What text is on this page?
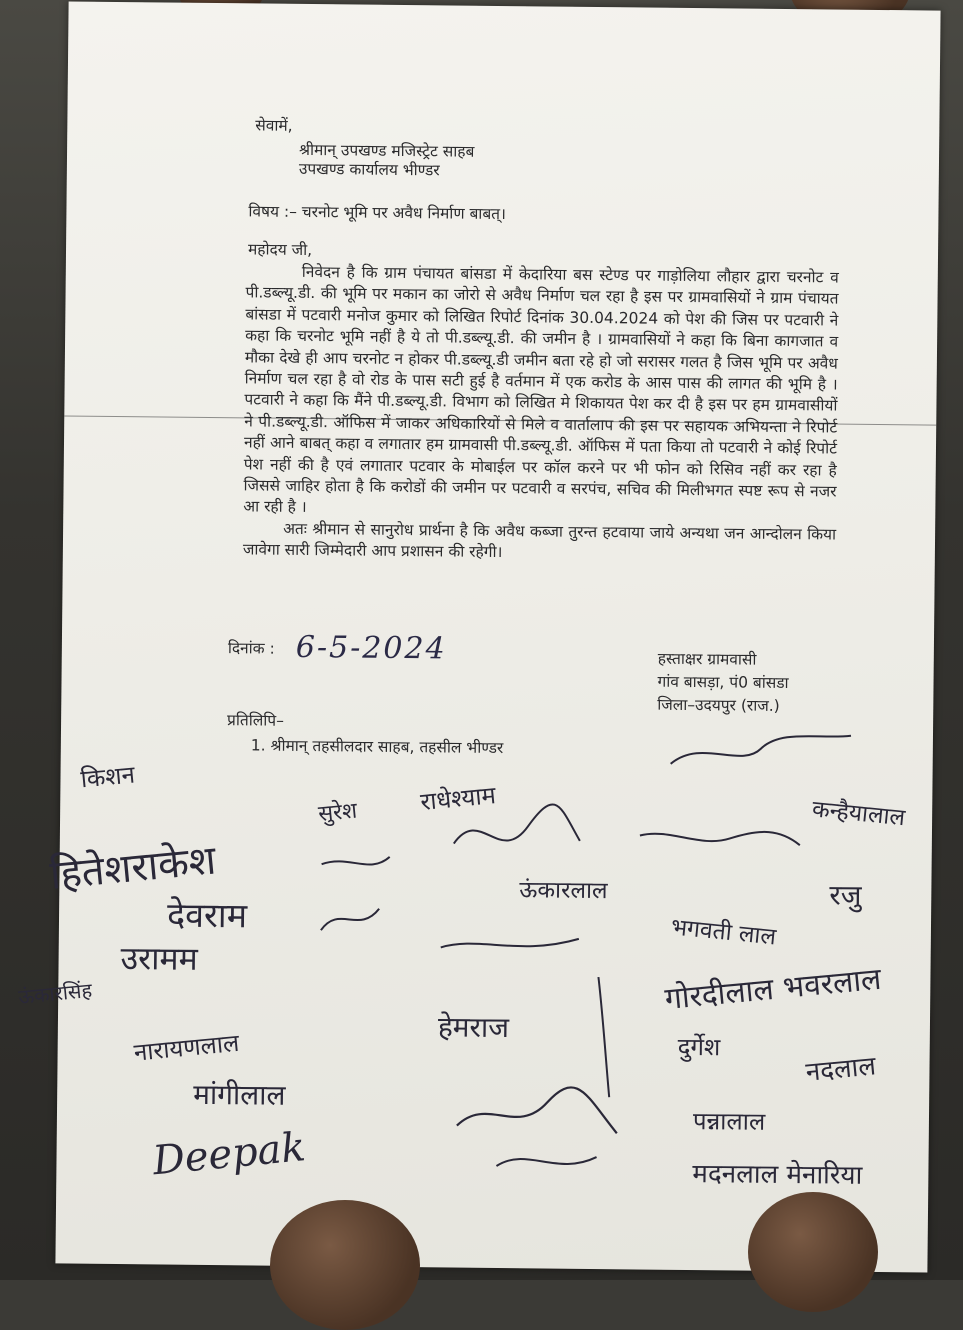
सेवामें,
श्रीमान् उपखण्ड मजिस्ट्रेट साहब
उपखण्ड कार्यालय भीण्डर
विषय :– चरनोट भूमि पर अवैध निर्माण बाबत्।
महोदय जी,

निवेदन है कि ग्राम पंचायत बांसडा में केदारिया बस स्टेण्ड पर गाड़ोलिया लौहार द्वारा चरनोट व पी.डब्ल्यू.डी. की भूमि पर मकान का जोरो से अवैध निर्माण चल रहा है इस पर ग्रामवासियों ने ग्राम पंचायत बांसडा में पटवारी मनोज कुमार को लिखित रिपोर्ट दिनांक 30.04.2024 को पेश की जिस पर पटवारी ने कहा कि चरनोट भूमि नहीं है ये तो पी.डब्ल्यू.डी. की जमीन है । ग्रामवासियों ने कहा कि बिना कागजात व मौका देखे ही आप चरनोट न होकर पी.डब्ल्यू.डी जमीन बता रहे हो जो सरासर गलत है जिस भूमि पर अवैध निर्माण चल रहा है वो रोड के पास सटी हुई है वर्तमान में एक करोड के आस पास की लागत की भूमि है । पटवारी ने कहा कि मैंने पी.डब्ल्यू.डी. विभाग को लिखित मे शिकायत पेश कर दी है इस पर हम ग्रामवासीयों ने पी.डब्ल्यू.डी. ऑफिस में जाकर अधिकारियों से मिले व वार्तालाप की इस पर सहायक अभियन्ता ने रिपोर्ट नहीं आने बाबत् कहा व लगातार हम ग्रामवासी पी.डब्ल्यू.डी. ऑफिस में पता किया तो पटवारी ने कोई रिपोर्ट पेश नहीं की है एवं लगातार पटवार के मोबाईल पर कॉल करने पर भी फोन को रिसिव नहीं कर रहा है जिससे जाहिर होता है कि करोडों की जमीन पर पटवारी व सरपंच, सचिव की मिलीभगत स्पष्ट रूप से नजर आ रही है ।

अतः श्रीमान से सानुरोध प्रार्थना है कि अवैध कब्जा तुरन्त हटवाया जाये अन्यथा जन आन्दोलन किया जावेगा सारी जिम्मेदारी आप प्रशासन की रहेगी।

दिनांक : 6-5-2024	हस्ताक्षर ग्रामवासी
गांव बासड़ा, पं0 बांसडा
जिला–उदयपुर (राज.)
प्रतिलिपि–
1. श्रीमान् तहसीलदार साहब, तहसील भीण्डर
किशन
सुरेश	राधेश्याम	कन्हैयालाल
हितेशराकेश	ऊंकारलाल	रजु
देवराम	भगवती लाल
उरामम
गोरदीलाल भवरलाल
ऊंकारसिंह
हेमराज
नारायणलाल
मांगीलाल
दुर्गेश
नदलाल
Deepak
पन्नालाल
मदनलाल मेनारिया
